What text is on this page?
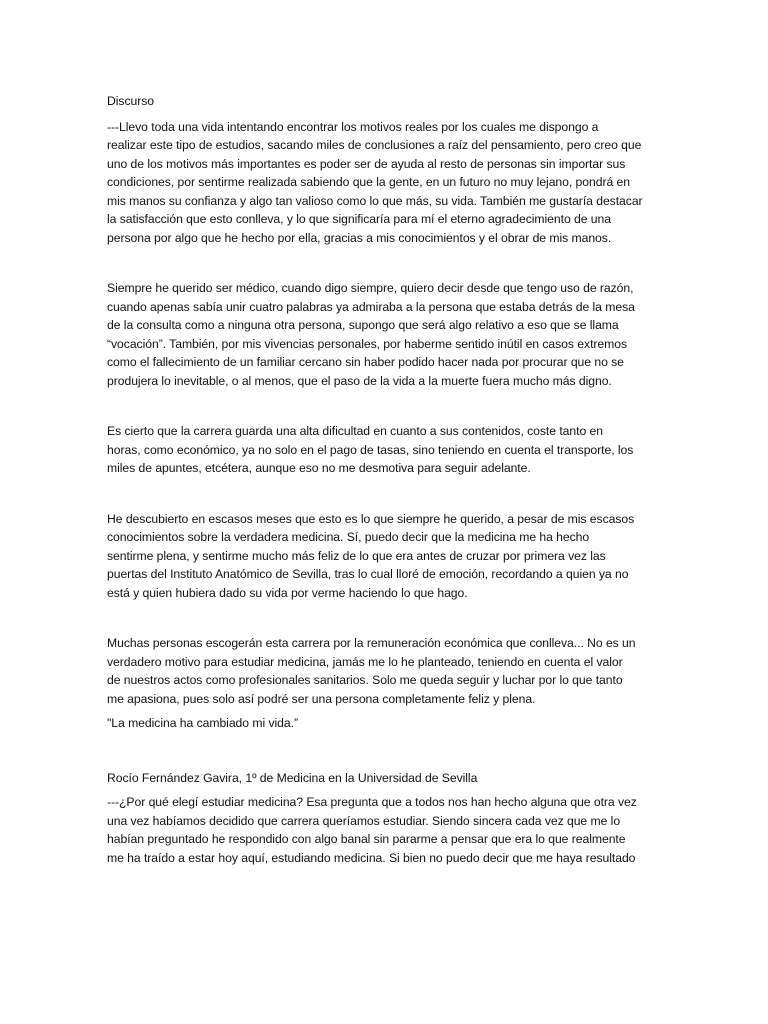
Discurso
---Llevo toda una vida intentando encontrar los motivos reales por los cuales me dispongo a
realizar este tipo de estudios, sacando miles de conclusiones a raíz del pensamiento, pero creo que
uno de los motivos más importantes es poder ser de ayuda al resto de personas sin importar sus
condiciones, por sentirme realizada sabiendo que la gente, en un futuro no muy lejano, pondrá en
mis manos su confianza y algo tan valioso como lo que más, su vida. También me gustaría destacar
la satisfacción que esto conlleva, y lo que significaría para mí el eterno agradecimiento de una
persona por algo que he hecho por ella, gracias a mis conocimientos y el obrar de mis manos.
Siempre he querido ser médico, cuando digo siempre, quiero decir desde que tengo uso de razón,
cuando apenas sabía unir cuatro palabras ya admiraba a la persona que estaba detrás de la mesa
de la consulta como a ninguna otra persona, supongo que será algo relativo a eso que se llama
“vocación”. También, por mis vivencias personales, por haberme sentido inútil en casos extremos
como el fallecimiento de un familiar cercano sin haber podido hacer nada por procurar que no se
produjera lo inevitable, o al menos, que el paso de la vida a la muerte fuera mucho más digno.
Es cierto que la carrera guarda una alta dificultad en cuanto a sus contenidos, coste tanto en
horas, como económico, ya no solo en el pago de tasas, sino teniendo en cuenta el transporte, los
miles de apuntes, etcétera, aunque eso no me desmotiva para seguir adelante.
He descubierto en escasos meses que esto es lo que siempre he querido, a pesar de mis escasos
conocimientos sobre la verdadera medicina. Sí, puedo decir que la medicina me ha hecho
sentirme plena, y sentirme mucho más feliz de lo que era antes de cruzar por primera vez las
puertas del Instituto Anatómico de Sevilla, tras lo cual lloré de emoción, recordando a quien ya no
está y quien hubiera dado su vida por verme haciendo lo que hago.
Muchas personas escogerán esta carrera por la remuneración económica que conlleva... No es un
verdadero motivo para estudiar medicina, jamás me lo he planteado, teniendo en cuenta el valor
de nuestros actos como profesionales sanitarios. Solo me queda seguir y luchar por lo que tanto
me apasiona, pues solo así podré ser una persona completamente feliz y plena.
"La medicina ha cambiado mi vida.”
Rocío Fernández Gavira, 1º de Medicina en la Universidad de Sevilla
---¿Por qué elegí estudiar medicina? Esa pregunta que a todos nos han hecho alguna que otra vez
una vez habíamos decidido que carrera queríamos estudiar. Siendo sincera cada vez que me lo
habían preguntado he respondido con algo banal sin pararme a pensar que era lo que realmente
me ha traído a estar hoy aquí, estudiando medicina. Si bien no puedo decir que me haya resultado
